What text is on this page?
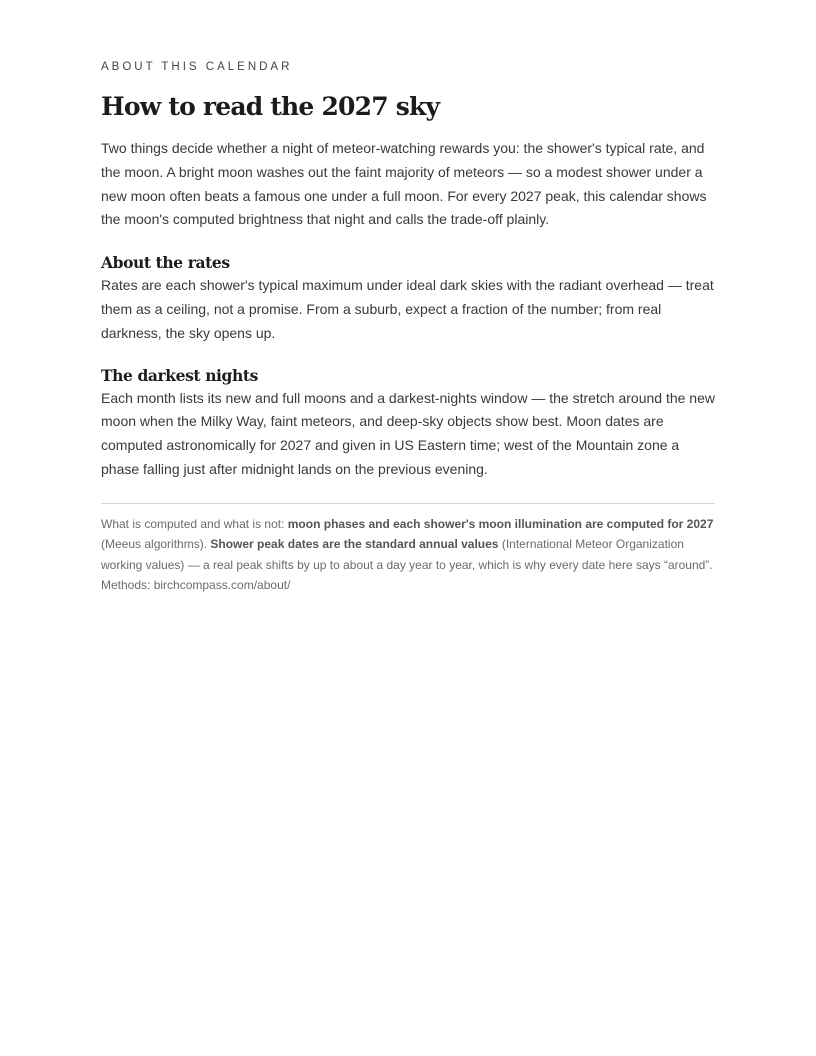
ABOUT THIS CALENDAR

How to read the 2027 sky

Two things decide whether a night of meteor-watching rewards you: the shower's typical rate, and the moon. A bright moon washes out the faint majority of meteors — so a modest shower under a new moon often beats a famous one under a full moon. For every 2027 peak, this calendar shows the moon's computed brightness that night and calls the trade-off plainly.

About the rates

Rates are each shower's typical maximum under ideal dark skies with the radiant overhead — treat them as a ceiling, not a promise. From a suburb, expect a fraction of the number; from real darkness, the sky opens up.

The darkest nights

Each month lists its new and full moons and a darkest-nights window — the stretch around the new moon when the Milky Way, faint meteors, and deep-sky objects show best. Moon dates are computed astronomically for 2027 and given in US Eastern time; west of the Mountain zone a phase falling just after midnight lands on the previous evening.

What is computed and what is not: moon phases and each shower's moon illumination are computed for 2027 (Meeus algorithms). Shower peak dates are the standard annual values (International Meteor Organization working values) — a real peak shifts by up to about a day year to year, which is why every date here says “around”. Methods: birchcompass.com/about/
